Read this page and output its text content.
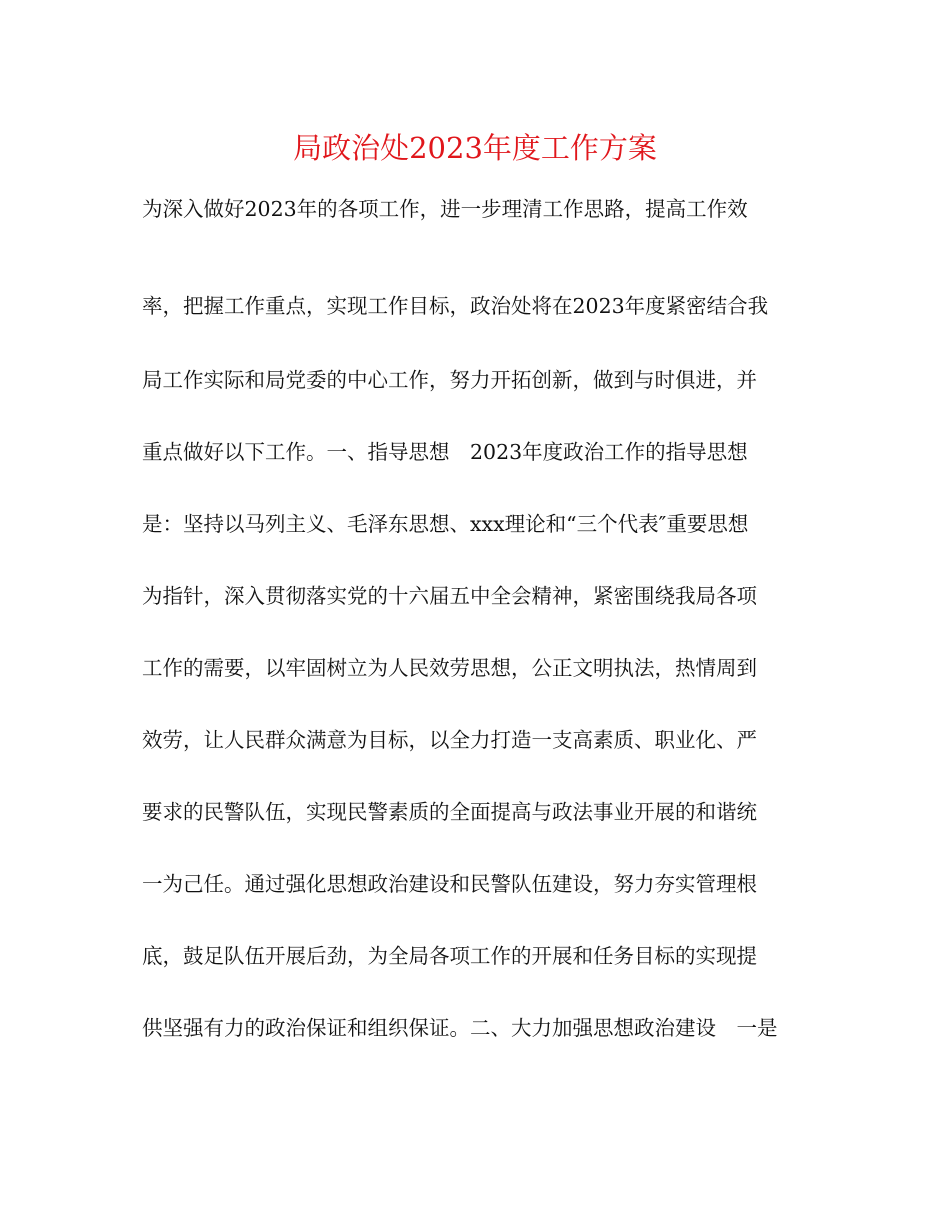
局政治处2023年度工作方案
为深入做好2023年的各项工作，进一步理清工作思路，提高工作效
率，把握工作重点，实现工作目标，政治处将在2023年度紧密结合我
局工作实际和局党委的中心工作，努力开拓创新，做到与时俱进，并
重点做好以下工作。一、指导思想　2023年度政治工作的指导思想
是：坚持以马列主义、毛泽东思想、xxx理论和“三个代表″重要思想
为指针，深入贯彻落实党的十六届五中全会精神，紧密围绕我局各项
工作的需要，以牢固树立为人民效劳思想，公正文明执法，热情周到
效劳，让人民群众满意为目标，以全力打造一支高素质、职业化、严
要求的民警队伍，实现民警素质的全面提高与政法事业开展的和谐统
一为己任。通过强化思想政治建设和民警队伍建设，努力夯实管理根
底，鼓足队伍开展后劲，为全局各项工作的开展和任务目标的实现提
供坚强有力的政治保证和组织保证。二、大力加强思想政治建设　一是
